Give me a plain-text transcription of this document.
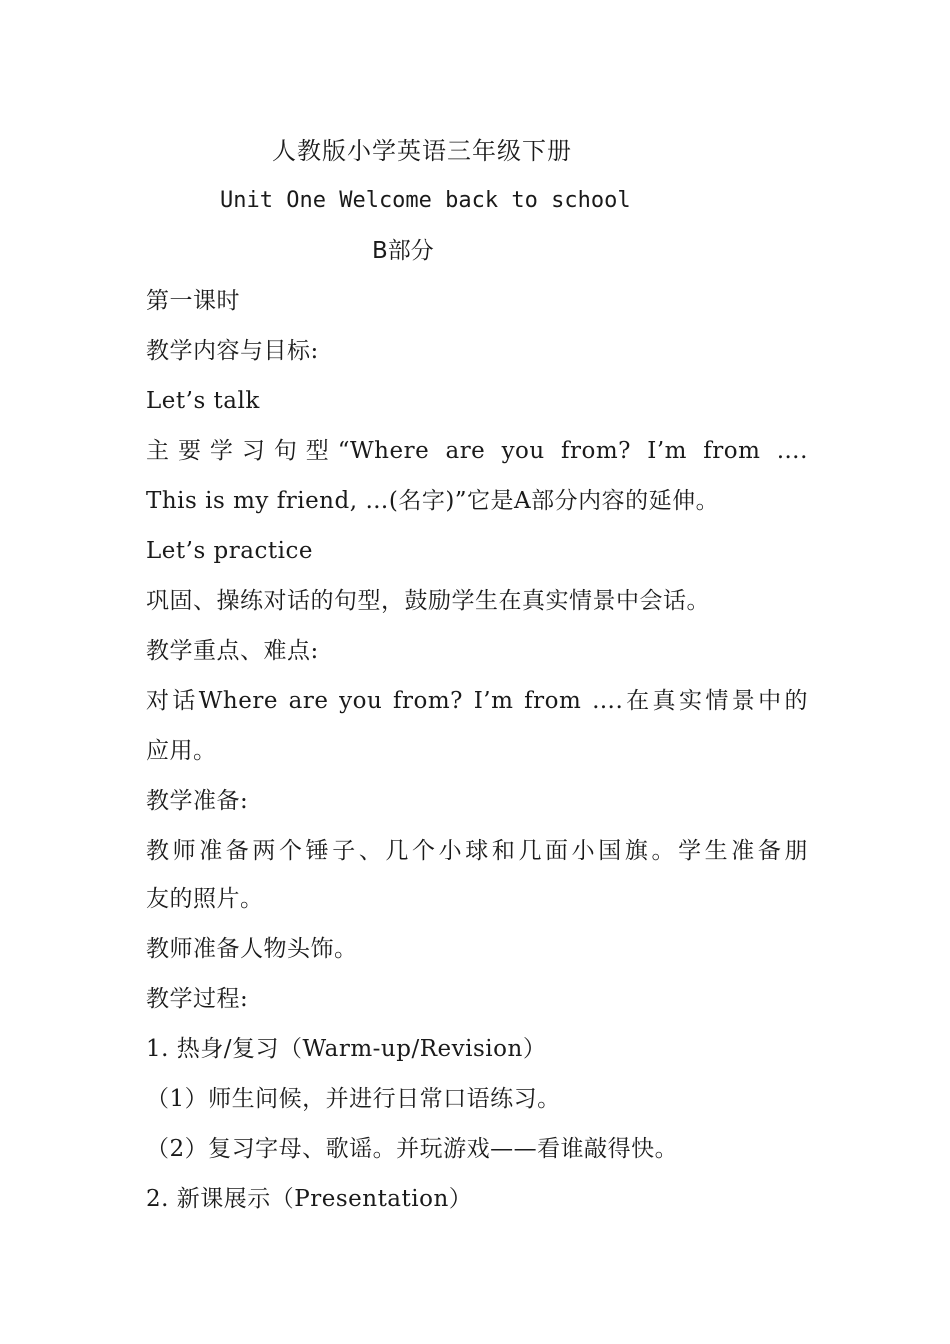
人教版小学英语三年级下册
Unit One Welcome back to school
B部分
第一课时
教学内容与目标:
Let’s talk
主要学习句型“Where are you from? I’m from ….
This is my friend, …(名字)”它是A部分内容的延伸。
Let’s practice
巩固、操练对话的句型，鼓励学生在真实情景中会话。
教学重点、难点:
对话Where are you from? I’m from ….在真实情景中的
应用。
教学准备:
教师准备两个锤子、几个小球和几面小国旗。学生准备朋
友的照片。
教师准备人物头饰。
教学过程:
1. 热身/复习（Warm-up/Revision）
（1）师生问候，并进行日常口语练习。
（2）复习字母、歌谣。并玩游戏——看谁敲得快。
2. 新课展示（Presentation）
